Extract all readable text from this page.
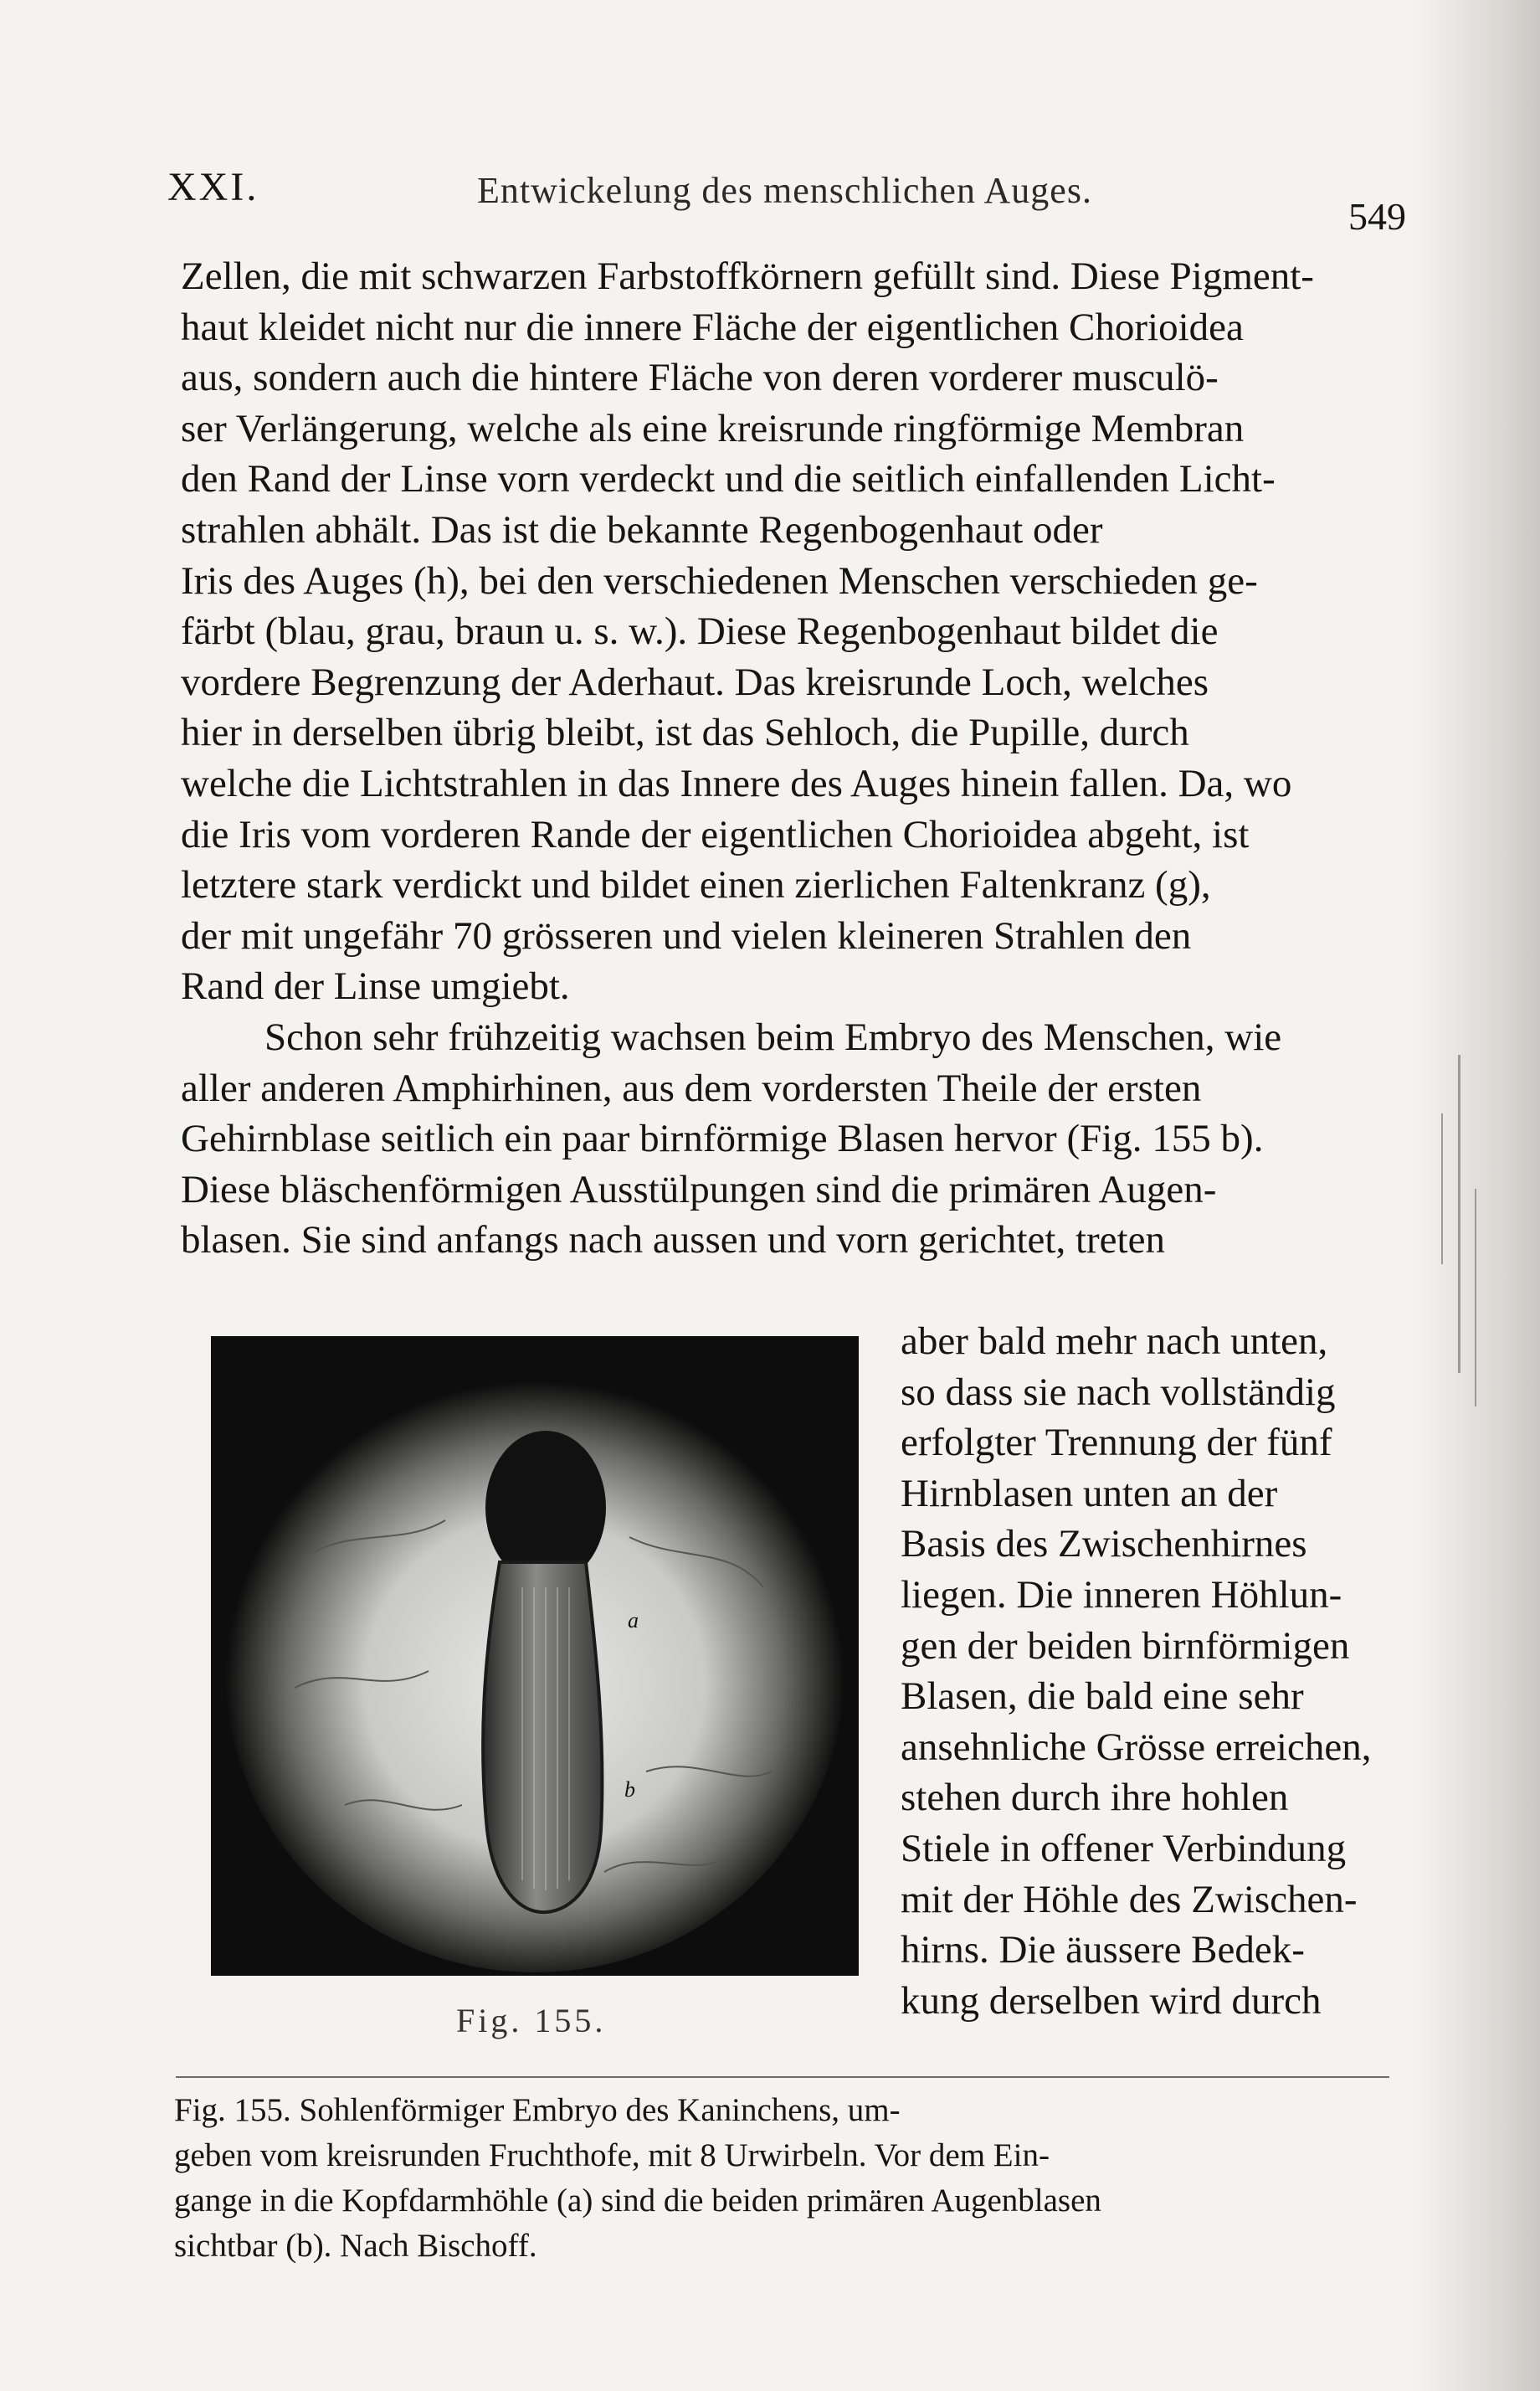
XXI.	Entwickelung des menschlichen Auges.
549
Zellen, die mit schwarzen Farbstoffkörnern gefüllt sind. Diese Pigment-
haut kleidet nicht nur die innere Fläche der eigentlichen Chorioidea
aus, sondern auch die hintere Fläche von deren vorderer musculö-
ser Verlängerung, welche als eine kreisrunde ringförmige Membran
den Rand der Linse vorn verdeckt und die seitlich einfallenden Licht-
strahlen abhält. Das ist die bekannte Regenbogenhaut oder
Iris des Auges (h), bei den verschiedenen Menschen verschieden ge-
färbt (blau, grau, braun u. s. w.). Diese Regenbogenhaut bildet die
vordere Begrenzung der Aderhaut. Das kreisrunde Loch, welches
hier in derselben übrig bleibt, ist das Sehloch, die Pupille, durch
welche die Lichtstrahlen in das Innere des Auges hinein fallen. Da, wo
die Iris vom vorderen Rande der eigentlichen Chorioidea abgeht, ist
letztere stark verdickt und bildet einen zierlichen Faltenkranz (g),
der mit ungefähr 70 grösseren und vielen kleineren Strahlen den
Rand der Linse umgiebt.
Schon sehr frühzeitig wachsen beim Embryo des Menschen, wie
aller anderen Amphirhinen, aus dem vordersten Theile der ersten
Gehirnblase seitlich ein paar birnförmige Blasen hervor (Fig. 155 b).
Diese bläschenförmigen Ausstülpungen sind die primären Augen-
blasen. Sie sind anfangs nach aussen und vorn gerichtet, treten
a
b
Fig. 155.
aber bald mehr nach unten,
so dass sie nach vollständig
erfolgter Trennung der fünf
Hirnblasen unten an der
Basis des Zwischenhirnes
liegen. Die inneren Höhlun-
gen der beiden birnförmigen
Blasen, die bald eine sehr
ansehnliche Grösse erreichen,
stehen durch ihre hohlen
Stiele in offener Verbindung
mit der Höhle des Zwischen-
hirns. Die äussere Bedek-
kung derselben wird durch
Fig. 155. Sohlenförmiger Embryo des Kaninchens, um-
geben vom kreisrunden Fruchthofe, mit 8 Urwirbeln. Vor dem Ein-
gange in die Kopfdarmhöhle (a) sind die beiden primären Augenblasen
sichtbar (b). Nach Bischoff.
